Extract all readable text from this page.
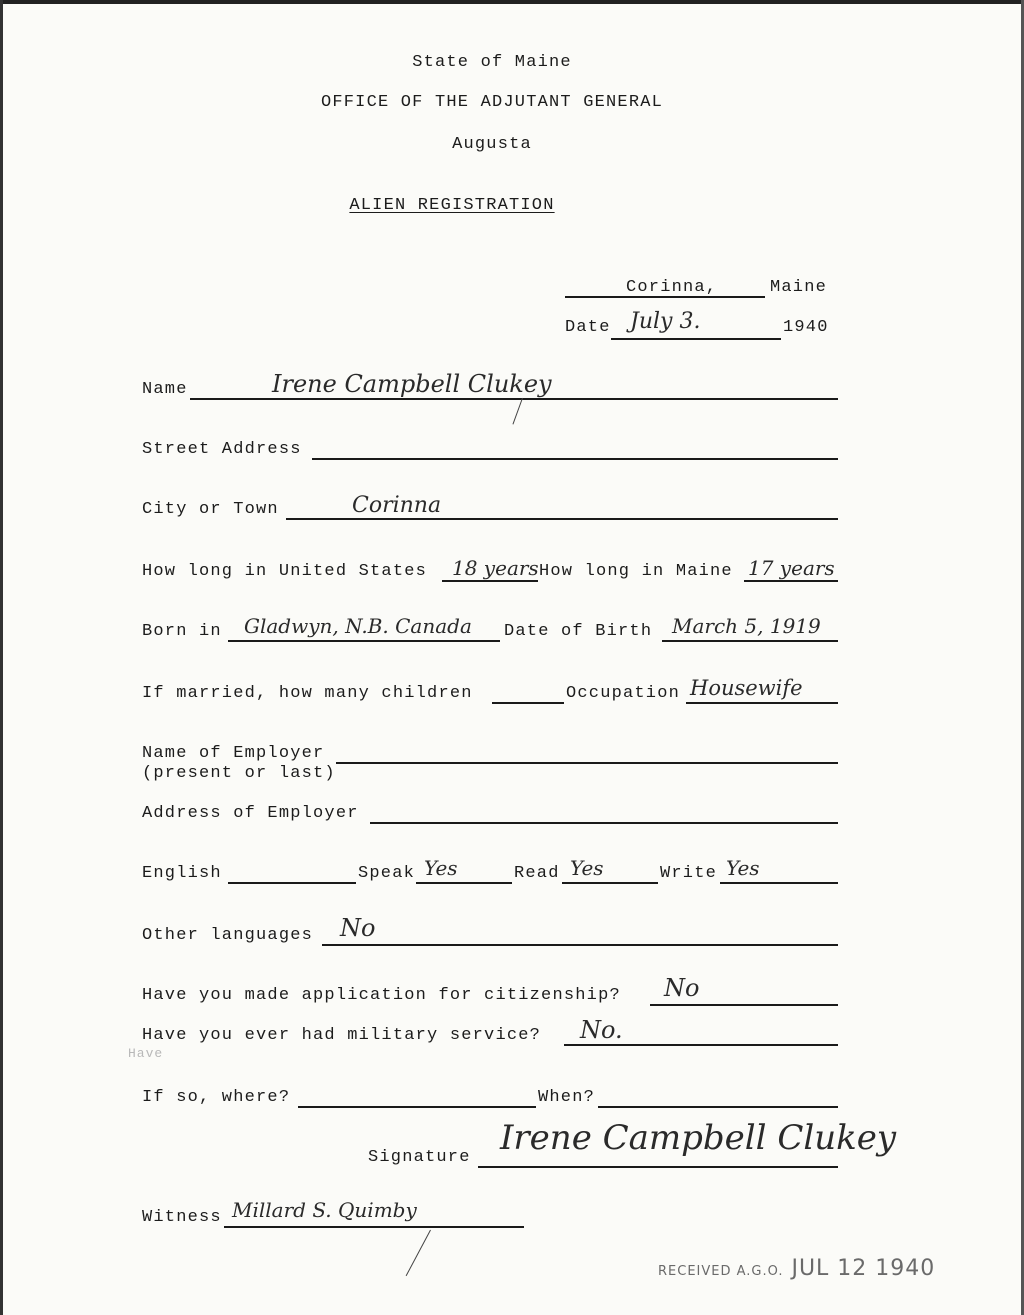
State of Maine
OFFICE OF THE ADJUTANT GENERAL
Augusta
ALIEN REGISTRATION
Corinna,	Maine
Date July 3.	1940
Name	Irene Campbell Clukey
Street Address
City or Town	Corinna
How long in United States 18 years How long in Maine 17 years
Born in Gladwyn, N.B. Canada Date of Birth March 5, 1919
If married, how many children	Occupation Housewife
Name of Employer
(present or last)
Address of Employer
English	Speak Yes	Read Yes	Write Yes
Other languages No
Have you made application for citizenship? No
Have you ever had military service? No.
Have
If so, where?	When?
Signature Irene Campbell Clukey
Witness Millard S. Quimby
RECEIVED A.G.O. JUL 12 1940
